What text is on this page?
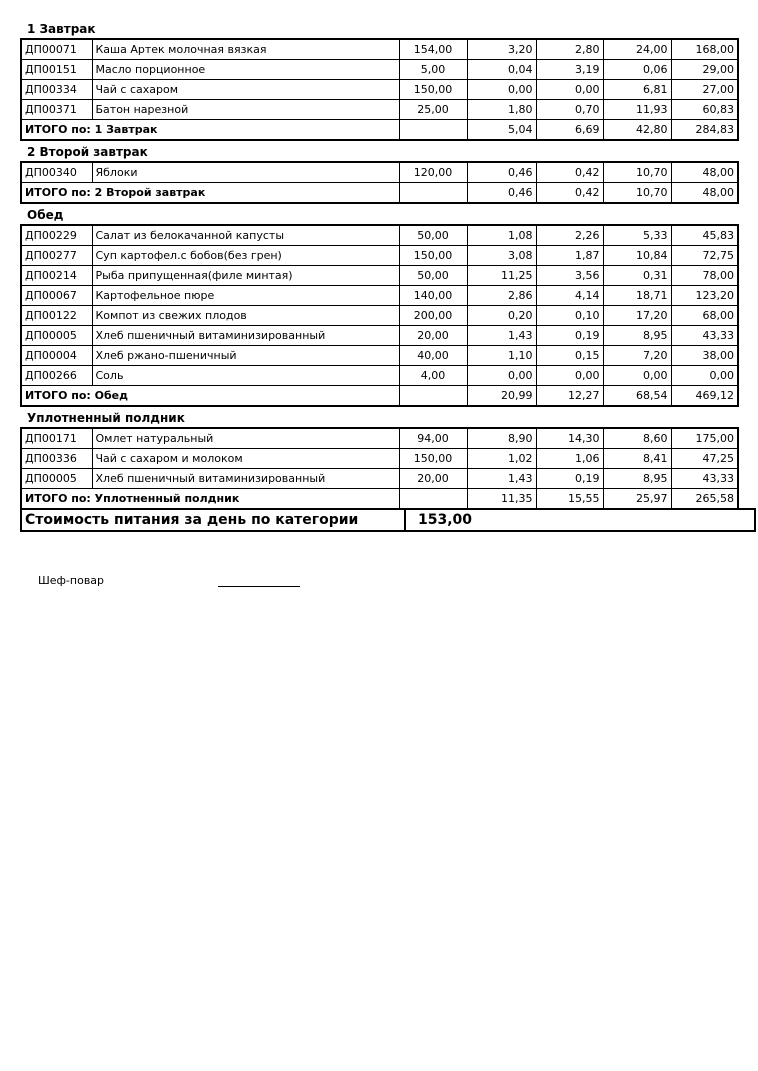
1 Завтрак
ДП00071	Каша Артек молочная вязкая	154,00	3,20	2,80	24,00	168,00
ДП00151	Масло порционное	5,00	0,04	3,19	0,06	29,00
ДП00334	Чай с сахаром	150,00	0,00	0,00	6,81	27,00
ДП00371	Батон нарезной	25,00	1,80	0,70	11,93	60,83
ИТОГО по: 1 Завтрак			5,04	6,69	42,80	284,83
2 Второй завтрак
ДП00340	Яблоки	120,00	0,46	0,42	10,70	48,00
ИТОГО по: 2 Второй завтрак			0,46	0,42	10,70	48,00
Обед
ДП00229	Салат из белокачанной капусты	50,00	1,08	2,26	5,33	45,83
ДП00277	Суп картофел.с бобов(без грен)	150,00	3,08	1,87	10,84	72,75
ДП00214	Рыба припущенная(филе минтая)	50,00	11,25	3,56	0,31	78,00
ДП00067	Картофельное пюре	140,00	2,86	4,14	18,71	123,20
ДП00122	Компот из свежих плодов	200,00	0,20	0,10	17,20	68,00
ДП00005	Хлеб пшеничный витаминизированный	20,00	1,43	0,19	8,95	43,33
ДП00004	Хлеб ржано-пшеничный	40,00	1,10	0,15	7,20	38,00
ДП00266	Соль	4,00	0,00	0,00	0,00	0,00
ИТОГО по: Обед			20,99	12,27	68,54	469,12
Уплотненный полдник
ДП00171	Омлет натуральный	94,00	8,90	14,30	8,60	175,00
ДП00336	Чай с сахаром и молоком	150,00	1,02	1,06	8,41	47,25
ДП00005	Хлеб пшеничный витаминизированный	20,00	1,43	0,19	8,95	43,33
ИТОГО по: Уплотненный полдник			11,35	15,55	25,97	265,58
Стоимость питания за день по категории	153,00
Шеф-повар
